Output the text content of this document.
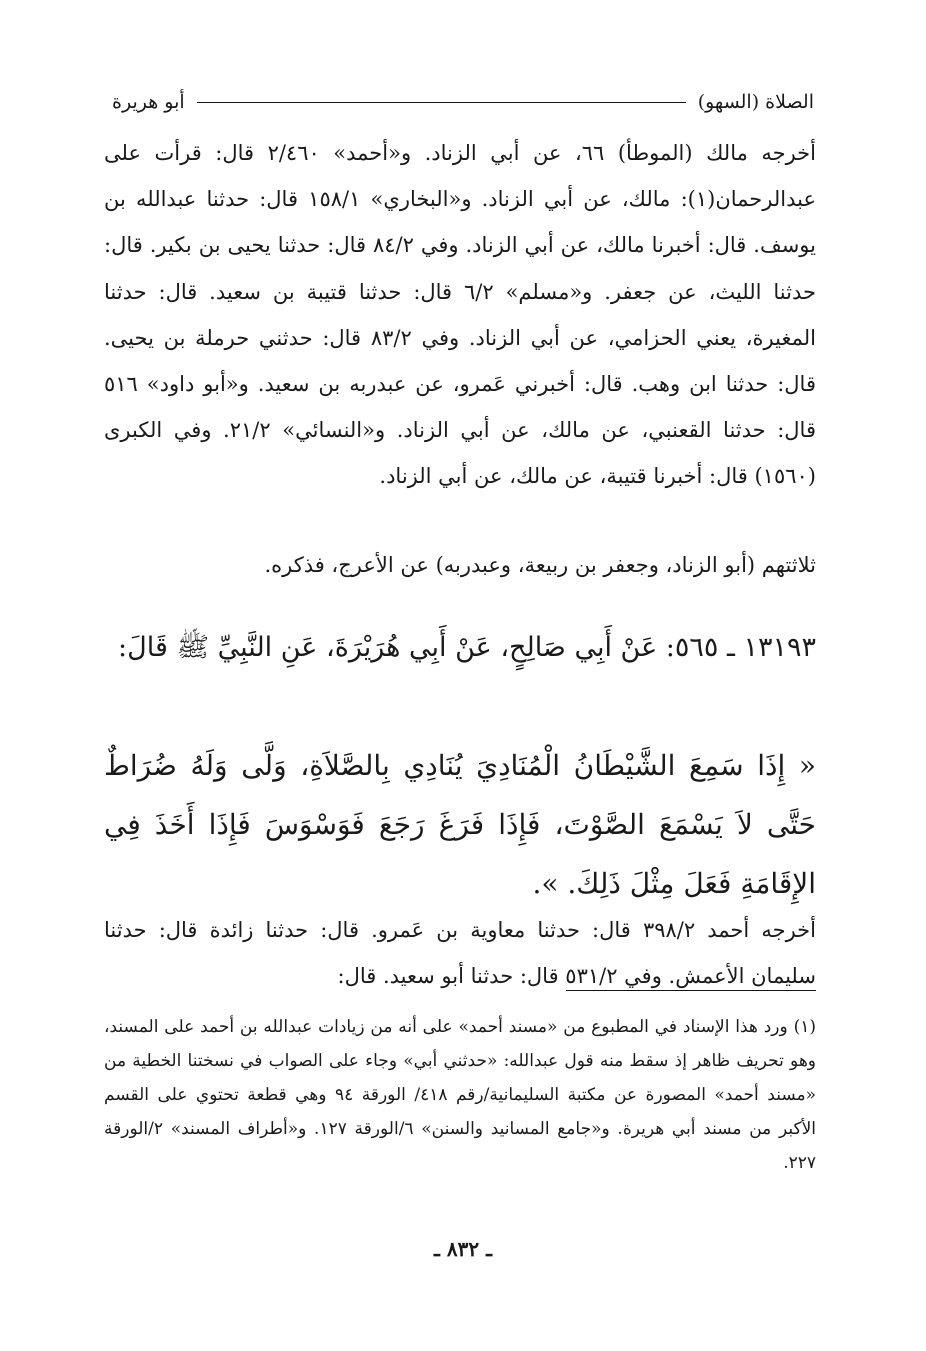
الصلاة (السهو)
أبو هريرة
أخرجه مالك (الموطأ) ٦٦، عن أبي الزناد. و«أحمد» ٢/٤٦٠ قال: قرأت على عبدالرحمان(١): مالك، عن أبي الزناد. و«البخاري» ١٥٨/١ قال: حدثنا عبدالله بن يوسف. قال: أخبرنا مالك، عن أبي الزناد. وفي ٨٤/٢ قال: حدثنا يحيى بن بكير. قال: حدثنا الليث، عن جعفر. و«مسلم» ٦/٢ قال: حدثنا قتيبة بن سعيد. قال: حدثنا المغيرة، يعني الحزامي، عن أبي الزناد. وفي ٨٣/٢ قال: حدثني حرملة بن يحيى. قال: حدثنا ابن وهب. قال: أخبرني عَمرو، عن عبدربه بن سعيد. و«أبو داود» ٥١٦ قال: حدثنا القعنبي، عن مالك، عن أبي الزناد. و«النسائي» ٢١/٢. وفي الكبرى (١٥٦٠) قال: أخبرنا قتيبة، عن مالك، عن أبي الزناد.
ثلاثتهم (أبو الزناد، وجعفر بن ربيعة، وعبدربه) عن الأعرج، فذكره.
١٣١٩٣ ـ ٥٦٥: عَنْ أَبِي صَالِحٍ، عَنْ أَبِي هُرَيْرَةَ، عَنِ النَّبِيِّ ﷺ قَالَ:
« إِذَا سَمِعَ الشَّيْطَانُ الْمُنَادِيَ يُنَادِي بِالصَّلاَةِ، وَلَّى وَلَهُ ضُرَاطٌ حَتَّى لاَ يَسْمَعَ الصَّوْتَ، فَإِذَا فَرَغَ رَجَعَ فَوَسْوَسَ فَإِذَا أَخَذَ فِي الإِقَامَةِ فَعَلَ مِثْلَ ذَلِكَ. ».
أخرجه أحمد ٣٩٨/٢ قال: حدثنا معاوية بن عَمرو. قال: حدثنا زائدة قال: حدثنا سليمان الأعمش. وفي ٥٣١/٢ قال: حدثنا أبو سعيد. قال:
(١) ورد هذا الإسناد في المطبوع من «مسند أحمد» على أنه من زيادات عبدالله بن أحمد على المسند، وهو تحريف ظاهر إذ سقط منه قول عبدالله: «حدثني أبي» وجاء على الصواب في نسختنا الخطية من «مسند أحمد» المصورة عن مكتبة السليمانية/رقم ٤١٨/ الورقة ٩٤ وهي قطعة تحتوي على القسم الأكبر من مسند أبي هريرة. و«جامع المسانيد والسنن» ٦/الورقة ١٢٧. و«أطراف المسند» ٢/الورقة ٢٢٧.
ـ ٨٣٢ ـ
